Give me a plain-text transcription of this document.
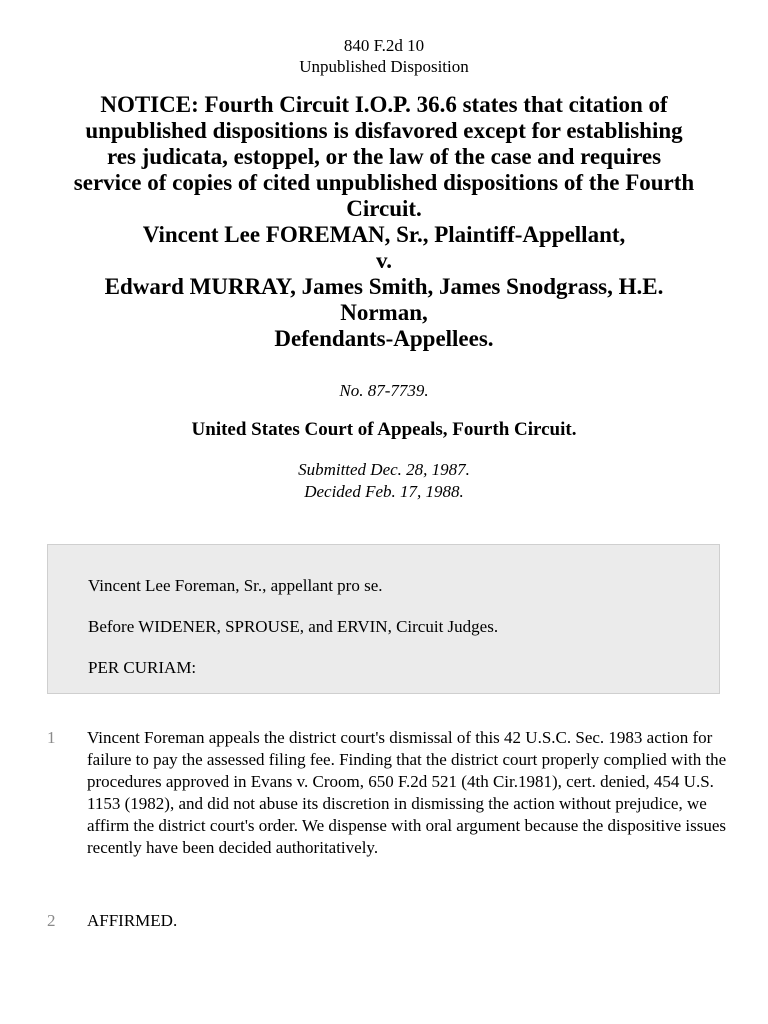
840 F.2d 10
Unpublished Disposition
NOTICE: Fourth Circuit I.O.P. 36.6 states that citation of
unpublished dispositions is disfavored except for establishing
res judicata, estoppel, or the law of the case and requires
service of copies of cited unpublished dispositions of the Fourth
Circuit.
Vincent Lee FOREMAN, Sr., Plaintiff-Appellant,
v.
Edward MURRAY, James Smith, James Snodgrass, H.E.
Norman,
Defendants-Appellees.
No. 87-7739.
United States Court of Appeals, Fourth Circuit.
Submitted Dec. 28, 1987.
Decided Feb. 17, 1988.

Vincent Lee Foreman, Sr., appellant pro se.

Before WIDENER, SPROUSE, and ERVIN, Circuit Judges.

PER CURIAM:

1 Vincent Foreman appeals the district court's dismissal of this 42 U.S.C. Sec. 1983 action for failure to pay the assessed filing fee. Finding that the district court properly complied with the procedures approved in Evans v. Croom, 650 F.2d 521 (4th Cir.1981), cert. denied, 454 U.S. 1153 (1982), and did not abuse its discretion in dismissing the action without prejudice, we affirm the district court's order. We dispense with oral argument because the dispositive issues recently have been decided authoritatively.
2 AFFIRMED.
